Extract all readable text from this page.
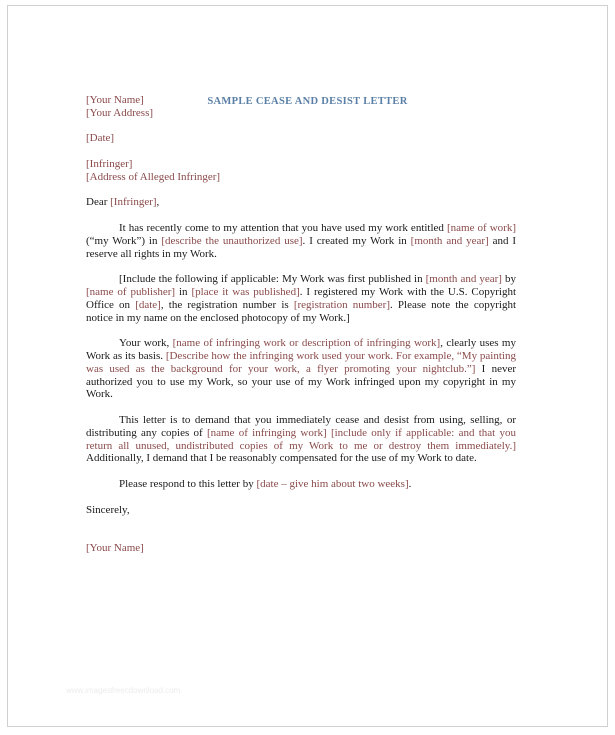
SAMPLE CEASE AND DESIST LETTER
[Your Name]
[Your Address]
[Date]
[Infringer]
[Address of Alleged Infringer]
Dear [Infringer],

It has recently come to my attention that you have used my work entitled [name of work] (“my Work”) in [describe the unauthorized use]. I created my Work in [month and year] and I reserve all rights in my Work.

[Include the following if applicable: My Work was first published in [month and year] by [name of publisher] in [place it was published]. I registered my Work with the U.S. Copyright Office on [date], the registration number is [registration number]. Please note the copyright notice in my name on the enclosed photocopy of my Work.]

Your work, [name of infringing work or description of infringing work], clearly uses my Work as its basis. [Describe how the infringing work used your work. For example, “My painting was used as the background for your work, a flyer promoting your nightclub.”] I never authorized you to use my Work, so your use of my Work infringed upon my copyright in my Work.

This letter is to demand that you immediately cease and desist from using, selling, or distributing any copies of [name of infringing work] [include only if applicable: and that you return all unused, undistributed copies of my Work to me or destroy them immediately.] Additionally, I demand that I be reasonably compensated for the use of my Work to date.

Please respond to this letter by [date – give him about two weeks].

Sincerely,
[Your Name]
www.imagesfreecdownload.com
